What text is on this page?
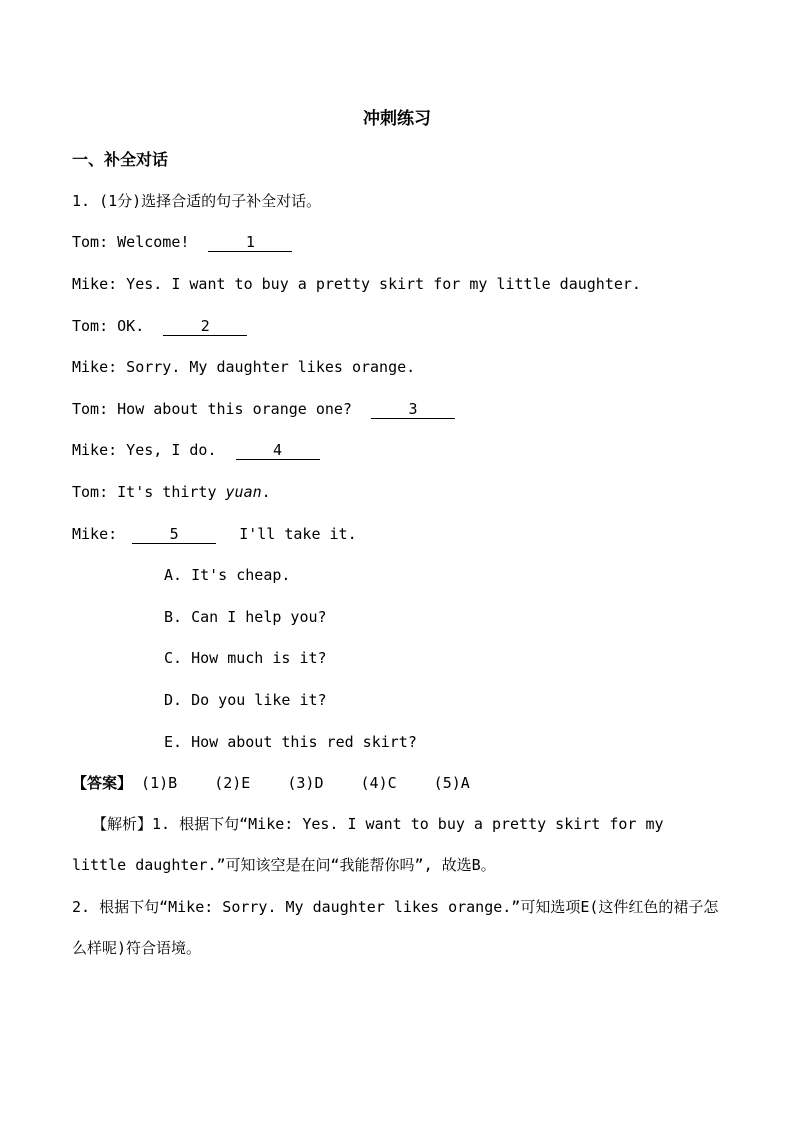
冲刺练习
一、补全对话
1. (1分)选择合适的句子补全对话。
Tom: Welcome!	1
Mike: Yes. I want to buy a pretty skirt for my little daughter.
Tom: OK.	2
Mike: Sorry. My daughter likes orange.
Tom: How about this orange one?	3
Mike: Yes, I do.	4
Tom: It's thirty yuan.
Mike:	5	I'll take it.
A. It's cheap.
B. Can I help you?
C. How much is it?
D. Do you like it?
E. How about this red skirt?
【答案】 (1)B (2)E (3)D (4)C (5)A
【解析】1. 根据下句“Mike: Yes. I want to buy a pretty skirt for my little daughter.”可知该空是在问“我能帮你吗”, 故选B。
2. 根据下句“Mike: Sorry. My daughter likes orange.”可知选项E(这件红色的裙子怎么样呢)符合语境。
